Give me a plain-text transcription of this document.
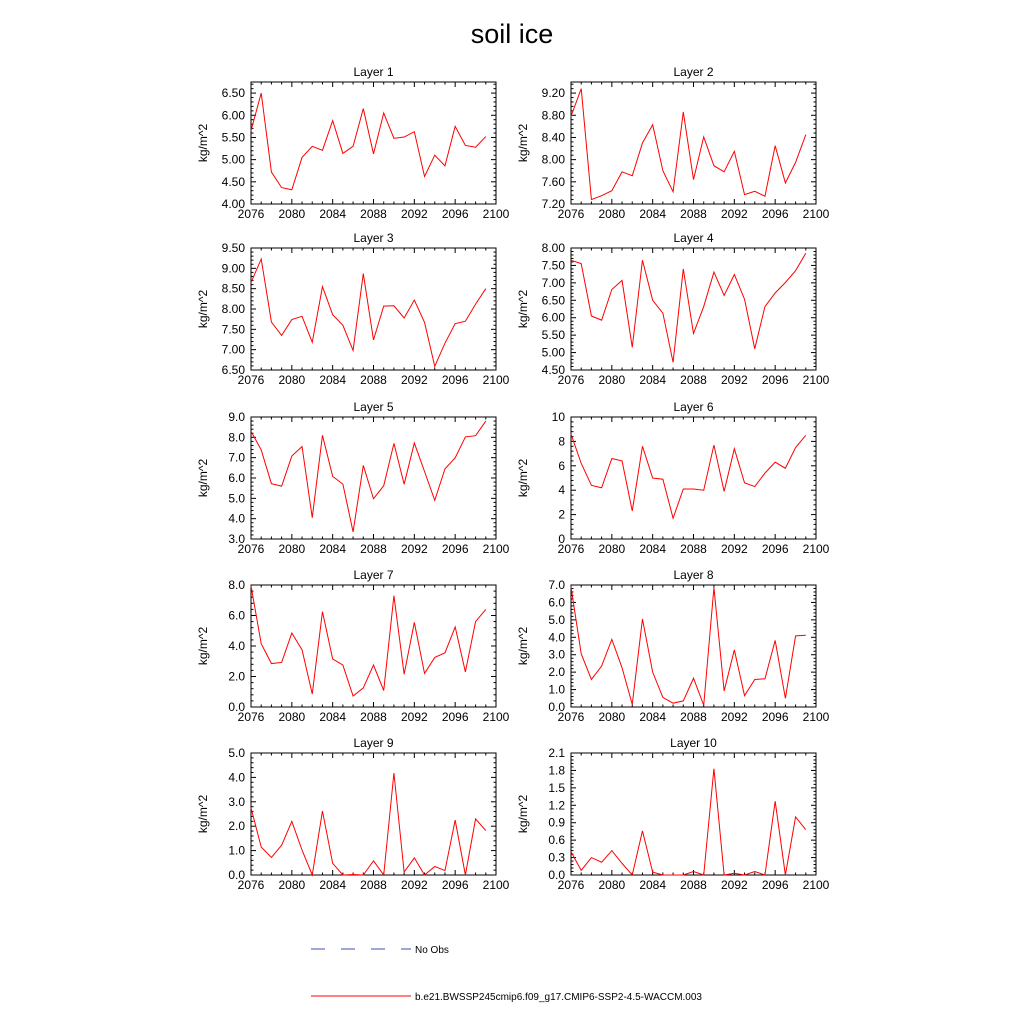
soil ice
Layer 1
2076 2080 2084 2088 2092 2096 2100
4.00
4.50
5.00
5.50
6.00
6.50
kg/m^2
Layer 2
2076 2080 2084 2088 2092 2096 2100
7.20
7.60
8.00
8.40
8.80
9.20
kg/m^2
Layer 3
2076 2080 2084 2088 2092 2096 2100
6.50
7.00
7.50
8.00
8.50
9.00
9.50
kg/m^2
Layer 4
2076 2080 2084 2088 2092 2096 2100
4.50
5.00
5.50
6.00
6.50
7.00
7.50
8.00
kg/m^2
Layer 5
2076 2080 2084 2088 2092 2096 2100
3.0
4.0
5.0
6.0
7.0
8.0
9.0
kg/m^2
Layer 6
2076 2080 2084 2088 2092 2096 2100
0
2
4
6
8
10
kg/m^2
Layer 7
2076 2080 2084 2088 2092 2096 2100
0.0
2.0
4.0
6.0
8.0
kg/m^2
Layer 8
2076 2080 2084 2088 2092 2096 2100
0.0
1.0
2.0
3.0
4.0
5.0
6.0
7.0
kg/m^2
Layer 9
2076 2080 2084 2088 2092 2096 2100
0.0
1.0
2.0
3.0
4.0
5.0
kg/m^2
Layer 10
2076 2080 2084 2088 2092 2096 2100
0.0
0.3
0.6
0.9
1.2
1.5
1.8
2.1
kg/m^2
No Obs
b.e21.BWSSP245cmip6.f09_g17.CMIP6-SSP2-4.5-WACCM.003
